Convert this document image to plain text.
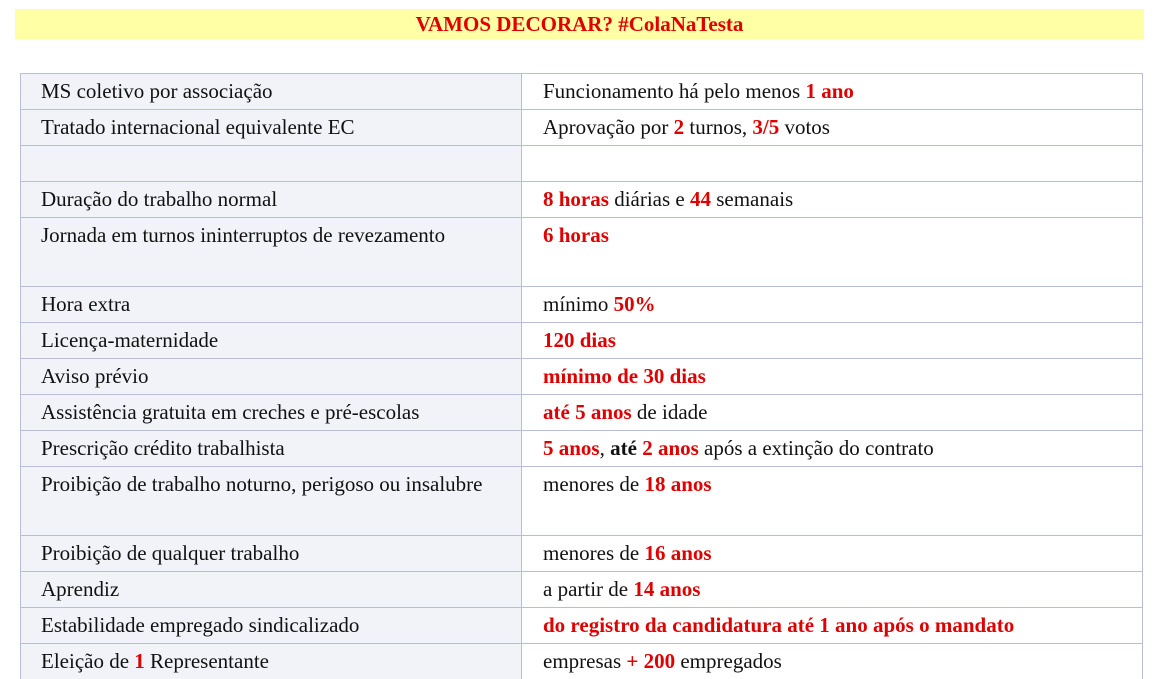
VAMOS DECORAR? #ColaNaTesta
MS coletivo por associação	Funcionamento há pelo menos 1 ano
Tratado internacional equivalente EC	Aprovação por 2 turnos, 3/5 votos

Duração do trabalho normal	8 horas diárias e 44 semanais
Jornada em turnos ininterruptos de revezamento	6 horas
Hora extra	mínimo 50%
Licença-maternidade	120 dias
Aviso prévio	mínimo de 30 dias
Assistência gratuita em creches e pré-escolas	até 5 anos de idade
Prescrição crédito trabalhista	5 anos, até 2 anos após a extinção do contrato
Proibição de trabalho noturno, perigoso ou insalubre	menores de 18 anos
Proibição de qualquer trabalho	menores de 16 anos
Aprendiz	a partir de 14 anos
Estabilidade empregado sindicalizado	do registro da candidatura até 1 ano após o mandato
Eleição de 1 Representante	empresas + 200 empregados
